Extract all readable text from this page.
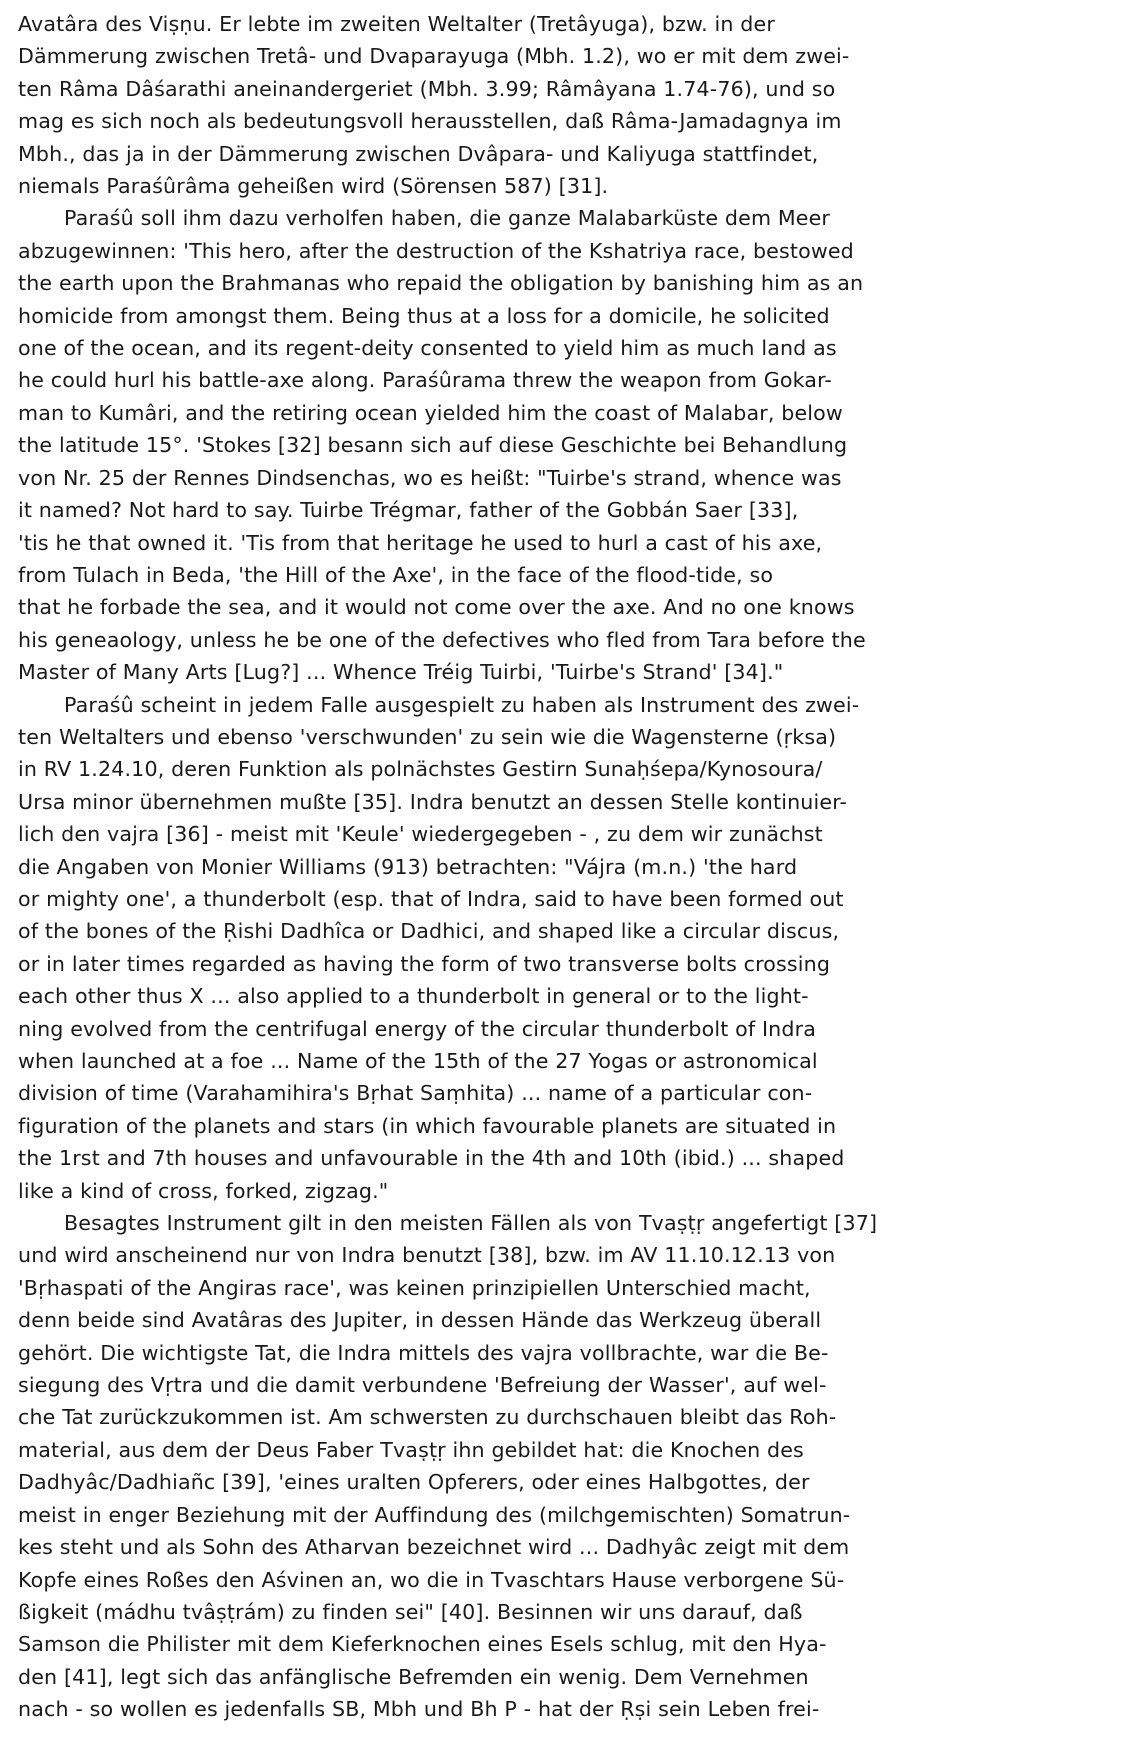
Avatâra des Viṣṇu. Er lebte im zweiten Weltalter (Tretâyuga), bzw. in der
Dämmerung zwischen Tretâ- und Dvaparayuga (Mbh. 1.2), wo er mit dem zwei-
ten Râma Dâśarathi aneinandergeriet (Mbh. 3.99; Râmâyana 1.74-76), und so
mag es sich noch als bedeutungsvoll herausstellen, daß Râma-Jamadagnya im
Mbh., das ja in der Dämmerung zwischen Dvâpara- und Kaliyuga stattfindet,
niemals Paraśûrâma geheißen wird (Sörensen 587) [31].
Paraśû soll ihm dazu verholfen haben, die ganze Malabarküste dem Meer
abzugewinnen: 'This hero, after the destruction of the Kshatriya race, bestowed
the earth upon the Brahmanas who repaid the obligation by banishing him as an
homicide from amongst them. Being thus at a loss for a domicile, he solicited
one of the ocean, and its regent-deity consented to yield him as much land as
he could hurl his battle-axe along. Paraśûrama threw the weapon from Gokar-
man to Kumâri, and the retiring ocean yielded him the coast of Malabar, below
the latitude 15°. 'Stokes [32] besann sich auf diese Geschichte bei Behandlung
von Nr. 25 der Rennes Dindsenchas, wo es heißt: "Tuirbe's strand, whence was
it named? Not hard to say. Tuirbe Trégmar, father of the Gobbán Saer [33],
'tis he that owned it. 'Tis from that heritage he used to hurl a cast of his axe,
from Tulach in Beda, 'the Hill of the Axe', in the face of the flood-tide, so
that he forbade the sea, and it would not come over the axe. And no one knows
his geneaology, unless he be one of the defectives who fled from Tara before the
Master of Many Arts [Lug?] ... Whence Tréig Tuirbi, 'Tuirbe's Strand' [34]."
Paraśû scheint in jedem Falle ausgespielt zu haben als Instrument des zwei-
ten Weltalters und ebenso 'verschwunden' zu sein wie die Wagensterne (ṛksa)
in RV 1.24.10, deren Funktion als polnächstes Gestirn Sunaḥśepa/Kynosoura/
Ursa minor übernehmen mußte [35]. Indra benutzt an dessen Stelle kontinuier-
lich den vajra [36] - meist mit 'Keule' wiedergegeben - , zu dem wir zunächst
die Angaben von Monier Williams (913) betrachten: "Vájra (m.n.) 'the hard
or mighty one', a thunderbolt (esp. that of Indra, said to have been formed out
of the bones of the Ṛishi Dadhîca or Dadhici, and shaped like a circular discus,
or in later times regarded as having the form of two transverse bolts crossing
each other thus X ... also applied to a thunderbolt in general or to the light-
ning evolved from the centrifugal energy of the circular thunderbolt of Indra
when launched at a foe ... Name of the 15th of the 27 Yogas or astronomical
division of time (Varahamihira's Bṛhat Saṃhita) ... name of a particular con-
figuration of the planets and stars (in which favourable planets are situated in
the 1rst and 7th houses and unfavourable in the 4th and 10th (ibid.) ... shaped
like a kind of cross, forked, zigzag."
Besagtes Instrument gilt in den meisten Fällen als von Tvaṣṭṛ angefertigt [37]
und wird anscheinend nur von Indra benutzt [38], bzw. im AV 11.10.12.13 von
'Bṛhaspati of the Angiras race', was keinen prinzipiellen Unterschied macht,
denn beide sind Avatâras des Jupiter, in dessen Hände das Werkzeug überall
gehört. Die wichtigste Tat, die Indra mittels des vajra vollbrachte, war die Be-
siegung des Vṛtra und die damit verbundene 'Befreiung der Wasser', auf wel-
che Tat zurückzukommen ist. Am schwersten zu durchschauen bleibt das Roh-
material, aus dem der Deus Faber Tvaṣṭṛ ihn gebildet hat: die Knochen des
Dadhyâc/Dadhiañc [39], 'eines uralten Opferers, oder eines Halbgottes, der
meist in enger Beziehung mit der Auffindung des (milchgemischten) Somatrun-
kes steht und als Sohn des Atharvan bezeichnet wird ... Dadhyâc zeigt mit dem
Kopfe eines Roßes den Aśvinen an, wo die in Tvaschtars Hause verborgene Sü-
ßigkeit (mádhu tvâṣṭrám) zu finden sei" [40]. Besinnen wir uns darauf, daß
Samson die Philister mit dem Kieferknochen eines Esels schlug, mit den Hya-
den [41], legt sich das anfänglische Befremden ein wenig. Dem Vernehmen
nach - so wollen es jedenfalls SB, Mbh und Bh P - hat der Ṛṣi sein Leben frei-
